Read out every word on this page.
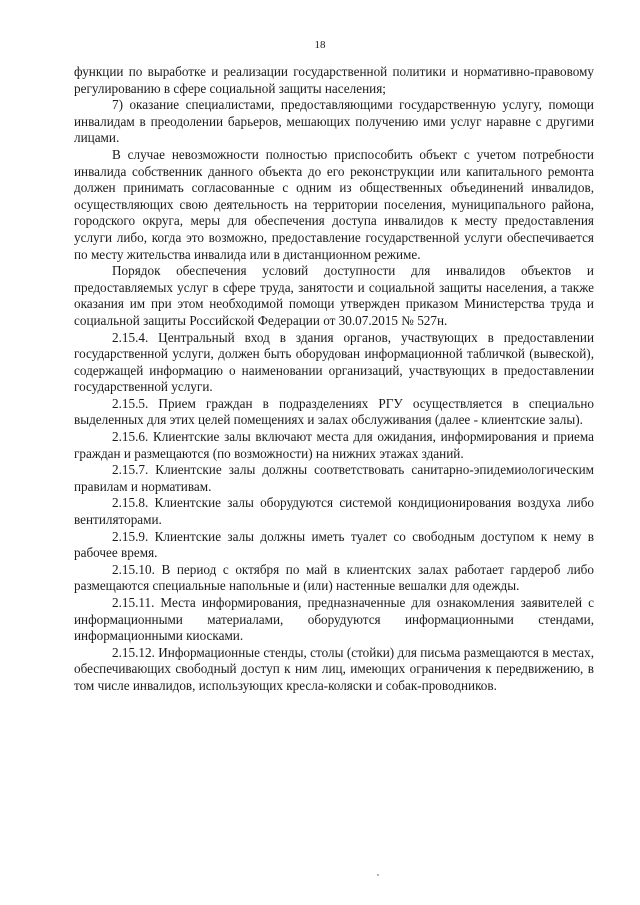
18

функции по выработке и реализации государственной политики и нормативно-правовому регулированию в сфере социальной защиты населения;

7) оказание специалистами, предоставляющими государственную услугу, помощи инвалидам в преодолении барьеров, мешающих получению ими услуг наравне с другими лицами.

В случае невозможности полностью приспособить объект с учетом потребности инвалида собственник данного объекта до его реконструкции или капитального ремонта должен принимать согласованные с одним из общественных объединений инвалидов, осуществляющих свою деятельность на территории поселения, муниципального района, городского округа, меры для обеспечения доступа инвалидов к месту предоставления услуги либо, когда это возможно, предоставление государственной услуги обеспечивается по месту жительства инвалида или в дистанционном режиме.

Порядок обеспечения условий доступности для инвалидов объектов и предоставляемых услуг в сфере труда, занятости и социальной защиты населения, а также оказания им при этом необходимой помощи утвержден приказом Министерства труда и социальной защиты Российской Федерации от 30.07.2015 № 527н.

2.15.4. Центральный вход в здания органов, участвующих в предоставлении государственной услуги, должен быть оборудован информационной табличкой (вывеской), содержащей информацию о наименовании организаций, участвующих в предоставлении государственной услуги.

2.15.5. Прием граждан в подразделениях РГУ осуществляется в специально выделенных для этих целей помещениях и залах обслуживания (далее - клиентские залы).

2.15.6. Клиентские залы включают места для ожидания, информирования и приема граждан и размещаются (по возможности) на нижних этажах зданий.

2.15.7. Клиентские залы должны соответствовать санитарно-эпидемиологическим правилам и нормативам.

2.15.8. Клиентские залы оборудуются системой кондиционирования воздуха либо вентиляторами.

2.15.9. Клиентские залы должны иметь туалет со свободным доступом к нему в рабочее время.

2.15.10. В период с октября по май в клиентских залах работает гардероб либо размещаются специальные напольные и (или) настенные вешалки для одежды.

2.15.11. Места информирования, предназначенные для ознакомления заявителей с информационными материалами, оборудуются информационными стендами, информационными киосками.

2.15.12. Информационные стенды, столы (стойки) для письма размещаются в местах, обеспечивающих свободный доступ к ним лиц, имеющих ограничения к передвижению, в том числе инвалидов, использующих кресла-коляски и собак-проводников.
